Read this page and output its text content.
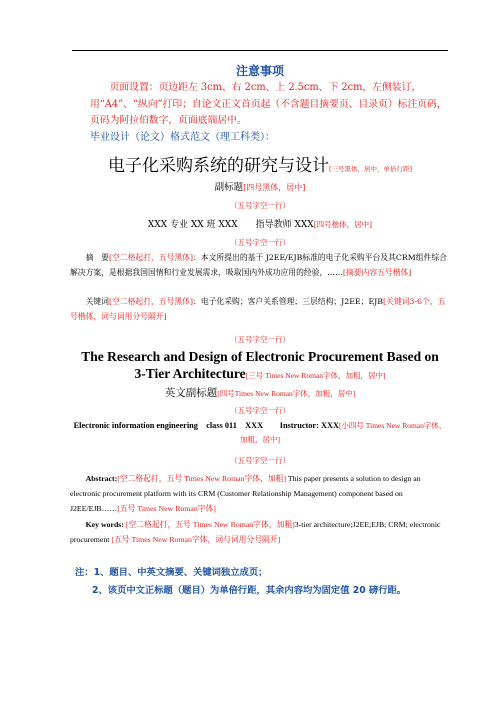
注意事项
页面设置：页边距左 3cm、右 2cm、上 2.5cm、下 2cm，左侧装订，用“A4”、“纵向”打印；自论文正文首页起（不含题目摘要页、目录页）标注页码，页码为阿拉伯数字，页面底端居中。
毕业设计（论文）格式范文（理工科类）：
电子化采购系统的研究与设计[三号黑体，居中，单倍行距]
副标题[四号黑体，居中]
（五号字空一行）
XXX 专业 XX 班 XXX　　指导教师 XXX[四号楷体，居中]
（五号字空一行）
摘　要[空二格起打，五号黑体]：本文所提出的基于 J2EE/EJB标准的电子化采购平台及其CRM组件综合解决方案，是根据我国国情和行业发展需求，吸取国内外成功应用的经验，……[摘要内容五号楷体]
关键词[空二格起打，五号黑体]：电子化采购；客户关系管理；三层结构；J2EE；EJB[关键词3-6个，五号楷体，词与词用分号隔开]
（五号字空一行）
The Research and Design of Electronic Procurement Based on
3-Tier Architecture[三号 Times New Roman字体，加粗，居中]
英文副标题[四号Times New Roman字体，加粗，居中]
（五号字空一行）
Electronic information engineering　class 011　XXX　　Instructor: XXX[小四号 Times New Roman字体，加粗，居中]
（五号字空一行）
Abstract:[空二格起打，五号 Times New Roman字体，加粗] This paper presents a solution to design an electronic procurement platform with its CRM (Customer Relationship Management) component based on J2EE/EJB……[五号 Times New Roman字体]
Key words: [空二格起打，五号 Times New Roman字体，加粗]3-tier architecture;J2EE;EJB; CRM; electronic procurement [五号 Times New Roman字体，词与词用分号隔开]
注：1、题目、中英文摘要、关键词独立成页；
2、该页中文正标题（题目）为单倍行距，其余内容均为固定值 20 磅行距。
